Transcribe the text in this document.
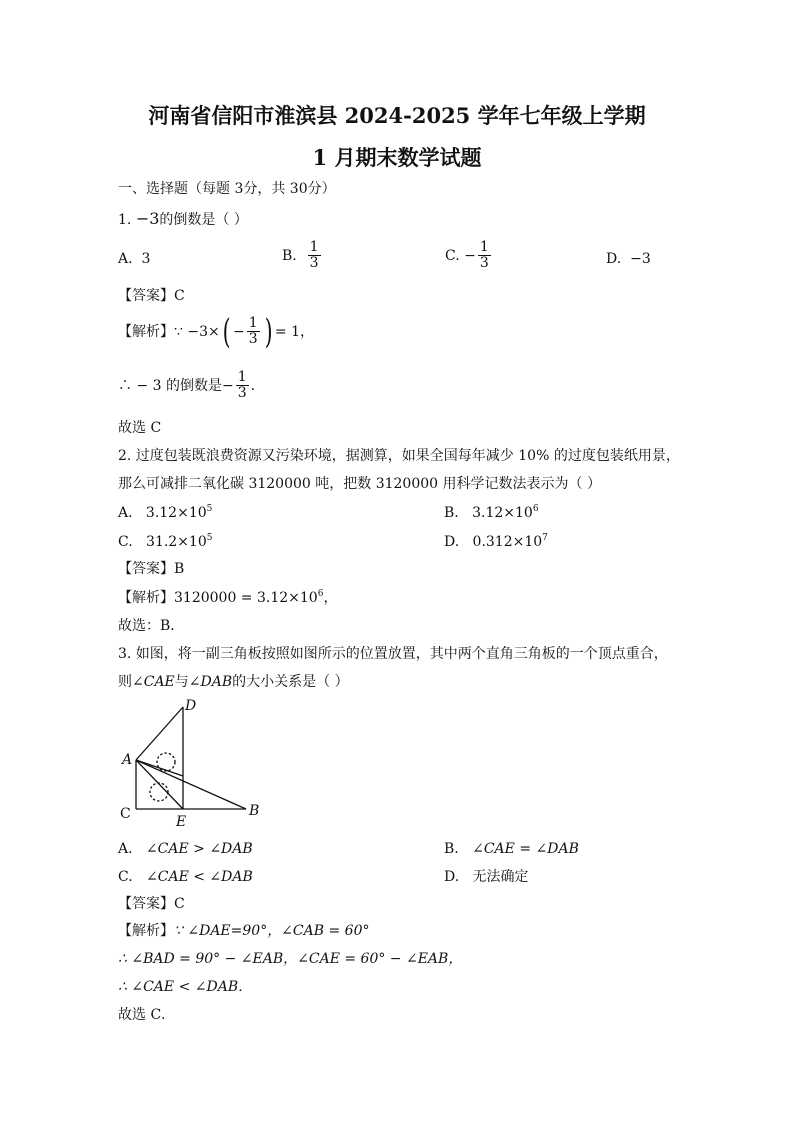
河南省信阳市淮滨县 2024-2025 学年七年级上学期
1 月期末数学试题
一、选择题（每题 3分，共 30分）
1. −3的倒数是（ ）
A. 3	B.
$\frac{1}{3}$	C.
− $\frac{1}{3}$	D. −3
【答案】C
【解析】 ∵ −3× ( − $\frac{1}{3}$ ) = 1，
∴ − 3 的倒数是 − $\frac{1}{3}$ .
故选 C
2. 过度包装既浪费资源又污染环境，据测算，如果全国每年减少 10% 的过度包装纸用景，
那么可减排二氧化碳 3120000 吨，把数 3120000 用科学记数法表示为（ ）
A. $3.12\times 10^5$	B. $3.12\times 10^6$
C. $31.2\times 10^5$	D. $0.312\times 10^7$
【答案】B
【解析】$3120000 = 3.12\times 10^6$，
故选：B．
3. 如图，将一副三角板按照如图所示的位置放置，其中两个直角三角板的一个顶点重合，
则∠CAE与∠DAB的大小关系是（ ）
A
B
C
D
E
A. ∠CAE > ∠DAB	B. ∠CAE = ∠DAB
C. ∠CAE < ∠DAB	D. 无法确定
【答案】C
【解析】∵ ∠DAE=90°，∠CAB = 60°
∴ ∠BAD = 90° − ∠EAB，∠CAE = 60° − ∠EAB，
∴ ∠CAE < ∠DAB．
故选 C．
